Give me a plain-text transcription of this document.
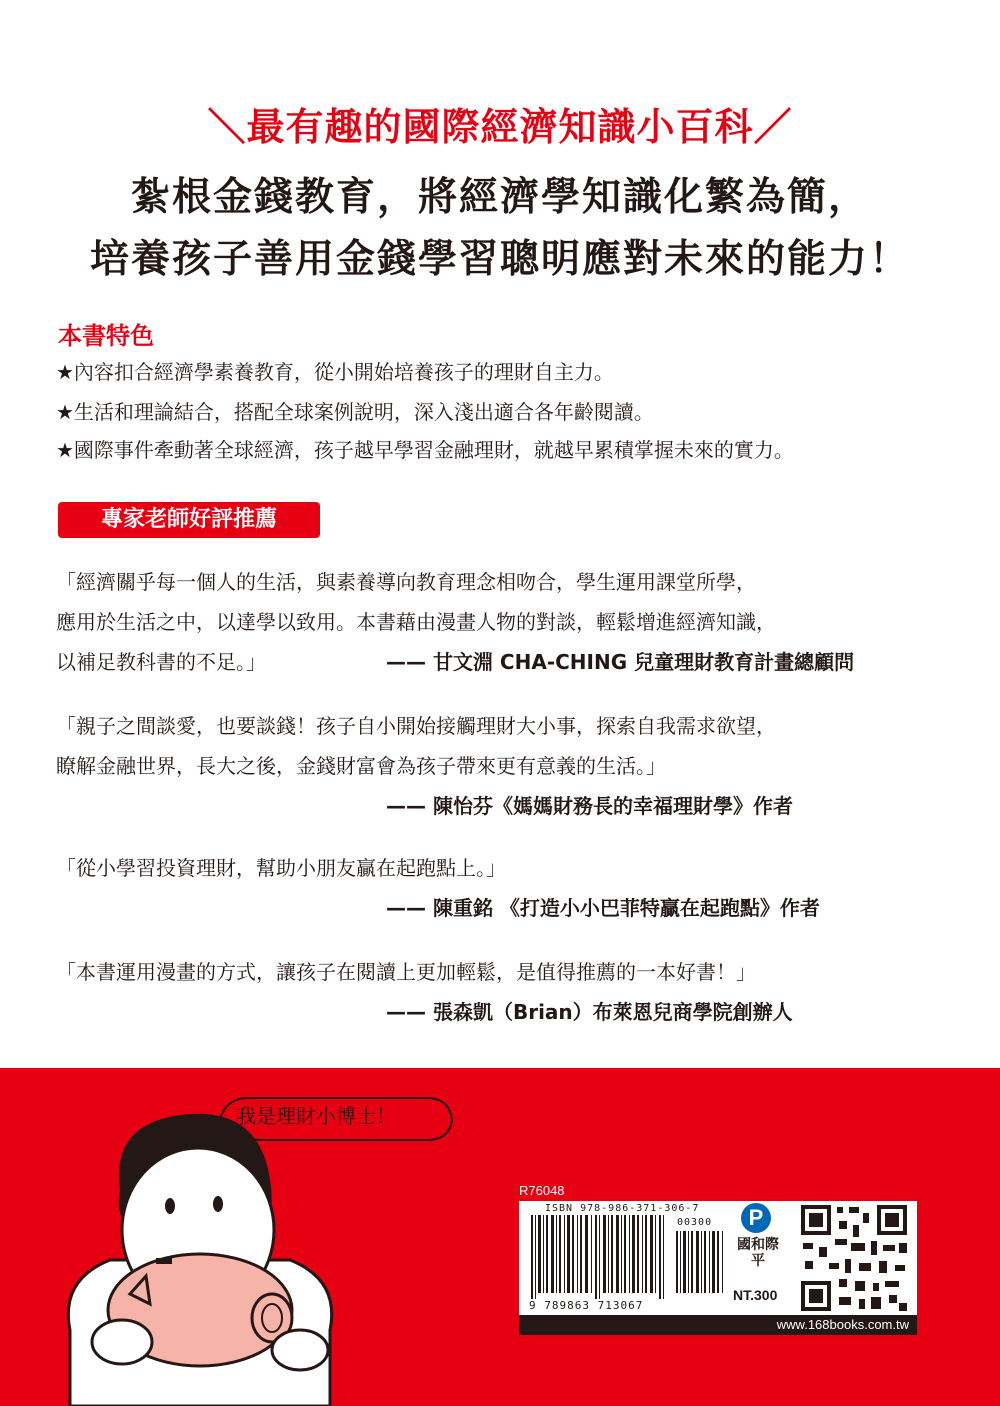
＼最有趣的國際經濟知識小百科／
紮根金錢教育，將經濟學知識化繁為簡，
培養孩子善用金錢學習聰明應對未來的能力！
本書特色
★內容扣合經濟學素養教育，從小開始培養孩子的理財自主力。
★生活和理論結合，搭配全球案例說明，深入淺出適合各年齡閱讀。
★國際事件牽動著全球經濟，孩子越早學習金融理財，就越早累積掌握未來的實力。
專家老師好評推薦
「經濟關乎每一個人的生活，與素養導向教育理念相吻合，學生運用課堂所學，
應用於生活之中，以達學以致用。本書藉由漫畫人物的對談，輕鬆增進經濟知識，
以補足教科書的不足。」	—— 甘文淵 CHA-CHING 兒童理財教育計畫總顧問
「親子之間談愛，也要談錢！孩子自小開始接觸理財大小事，探索自我需求欲望，
瞭解金融世界，長大之後，金錢財富會為孩子帶來更有意義的生活。」
—— 陳怡芬《媽媽財務長的幸福理財學》作者
「從小學習投資理財，幫助小朋友贏在起跑點上。」
—— 陳重銘 《打造小小巴菲特贏在起跑點》作者
「本書運用漫畫的方式，讓孩子在閱讀上更加輕鬆，是值得推薦的一本好書！」
—— 張森凱（Brian）布萊恩兒商學院創辦人
我是理財小博士！
R76048
ISBN 978-986-371-306-7
00300
9 789863 713067
P
國和際平
NT.300
www.168books.com.tw
